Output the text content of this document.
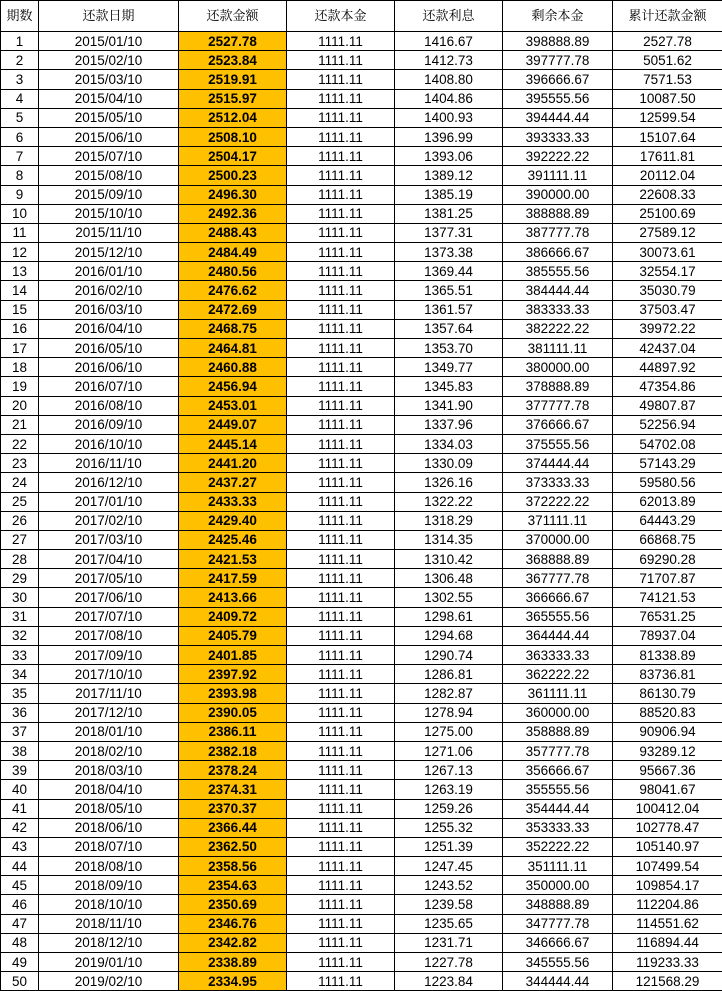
期数	还款日期	还款金额	还款本金	还款利息	剩余本金	累计还款金额
1	2015/01/10	2527.78	1111.11	1416.67	398888.89	2527.78
2	2015/02/10	2523.84	1111.11	1412.73	397777.78	5051.62
3	2015/03/10	2519.91	1111.11	1408.80	396666.67	7571.53
4	2015/04/10	2515.97	1111.11	1404.86	395555.56	10087.50
5	2015/05/10	2512.04	1111.11	1400.93	394444.44	12599.54
6	2015/06/10	2508.10	1111.11	1396.99	393333.33	15107.64
7	2015/07/10	2504.17	1111.11	1393.06	392222.22	17611.81
8	2015/08/10	2500.23	1111.11	1389.12	391111.11	20112.04
9	2015/09/10	2496.30	1111.11	1385.19	390000.00	22608.33
10	2015/10/10	2492.36	1111.11	1381.25	388888.89	25100.69
11	2015/11/10	2488.43	1111.11	1377.31	387777.78	27589.12
12	2015/12/10	2484.49	1111.11	1373.38	386666.67	30073.61
13	2016/01/10	2480.56	1111.11	1369.44	385555.56	32554.17
14	2016/02/10	2476.62	1111.11	1365.51	384444.44	35030.79
15	2016/03/10	2472.69	1111.11	1361.57	383333.33	37503.47
16	2016/04/10	2468.75	1111.11	1357.64	382222.22	39972.22
17	2016/05/10	2464.81	1111.11	1353.70	381111.11	42437.04
18	2016/06/10	2460.88	1111.11	1349.77	380000.00	44897.92
19	2016/07/10	2456.94	1111.11	1345.83	378888.89	47354.86
20	2016/08/10	2453.01	1111.11	1341.90	377777.78	49807.87
21	2016/09/10	2449.07	1111.11	1337.96	376666.67	52256.94
22	2016/10/10	2445.14	1111.11	1334.03	375555.56	54702.08
23	2016/11/10	2441.20	1111.11	1330.09	374444.44	57143.29
24	2016/12/10	2437.27	1111.11	1326.16	373333.33	59580.56
25	2017/01/10	2433.33	1111.11	1322.22	372222.22	62013.89
26	2017/02/10	2429.40	1111.11	1318.29	371111.11	64443.29
27	2017/03/10	2425.46	1111.11	1314.35	370000.00	66868.75
28	2017/04/10	2421.53	1111.11	1310.42	368888.89	69290.28
29	2017/05/10	2417.59	1111.11	1306.48	367777.78	71707.87
30	2017/06/10	2413.66	1111.11	1302.55	366666.67	74121.53
31	2017/07/10	2409.72	1111.11	1298.61	365555.56	76531.25
32	2017/08/10	2405.79	1111.11	1294.68	364444.44	78937.04
33	2017/09/10	2401.85	1111.11	1290.74	363333.33	81338.89
34	2017/10/10	2397.92	1111.11	1286.81	362222.22	83736.81
35	2017/11/10	2393.98	1111.11	1282.87	361111.11	86130.79
36	2017/12/10	2390.05	1111.11	1278.94	360000.00	88520.83
37	2018/01/10	2386.11	1111.11	1275.00	358888.89	90906.94
38	2018/02/10	2382.18	1111.11	1271.06	357777.78	93289.12
39	2018/03/10	2378.24	1111.11	1267.13	356666.67	95667.36
40	2018/04/10	2374.31	1111.11	1263.19	355555.56	98041.67
41	2018/05/10	2370.37	1111.11	1259.26	354444.44	100412.04
42	2018/06/10	2366.44	1111.11	1255.32	353333.33	102778.47
43	2018/07/10	2362.50	1111.11	1251.39	352222.22	105140.97
44	2018/08/10	2358.56	1111.11	1247.45	351111.11	107499.54
45	2018/09/10	2354.63	1111.11	1243.52	350000.00	109854.17
46	2018/10/10	2350.69	1111.11	1239.58	348888.89	112204.86
47	2018/11/10	2346.76	1111.11	1235.65	347777.78	114551.62
48	2018/12/10	2342.82	1111.11	1231.71	346666.67	116894.44
49	2019/01/10	2338.89	1111.11	1227.78	345555.56	119233.33
50	2019/02/10	2334.95	1111.11	1223.84	344444.44	121568.29
